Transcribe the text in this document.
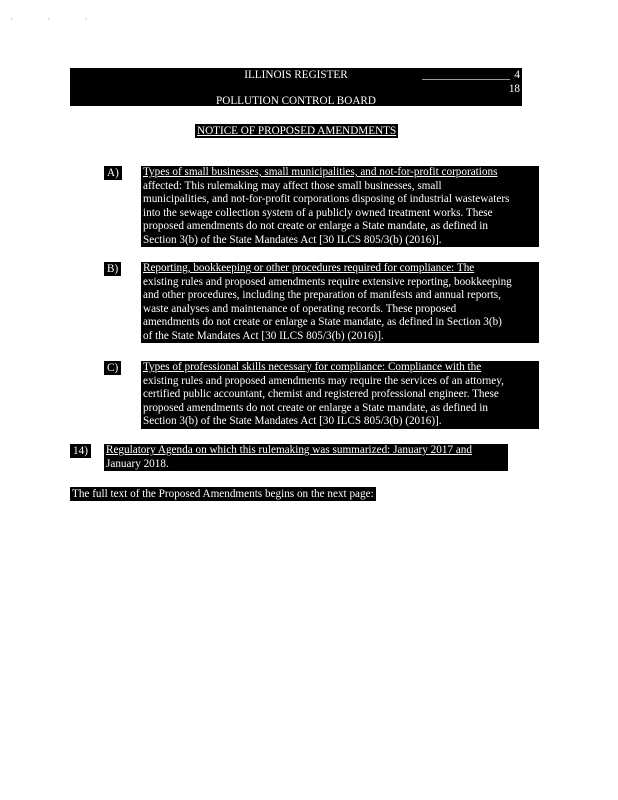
· · ·
ILLINOIS REGISTER	4
18
POLLUTION CONTROL BOARD
NOTICE OF PROPOSED AMENDMENTS
A) Types of small businesses, small municipalities, and not-for-profit corporations
affected: This rulemaking may affect those small businesses, small
municipalities, and not-for-profit corporations disposing of industrial wastewaters
into the sewage collection system of a publicly owned treatment works. These
proposed amendments do not create or enlarge a State mandate, as defined in
Section 3(b) of the State Mandates Act [30 ILCS 805/3(b) (2016)].
B) Reporting, bookkeeping or other procedures required for compliance: The
existing rules and proposed amendments require extensive reporting, bookkeeping
and other procedures, including the preparation of manifests and annual reports,
waste analyses and maintenance of operating records. These proposed
amendments do not create or enlarge a State mandate, as defined in Section 3(b)
of the State Mandates Act [30 ILCS 805/3(b) (2016)].
C) Types of professional skills necessary for compliance: Compliance with the
existing rules and proposed amendments may require the services of an attorney,
certified public accountant, chemist and registered professional engineer. These
proposed amendments do not create or enlarge a State mandate, as defined in
Section 3(b) of the State Mandates Act [30 ILCS 805/3(b) (2016)].
14) Regulatory Agenda on which this rulemaking was summarized: January 2017 and
January 2018.
The full text of the Proposed Amendments begins on the next page:
